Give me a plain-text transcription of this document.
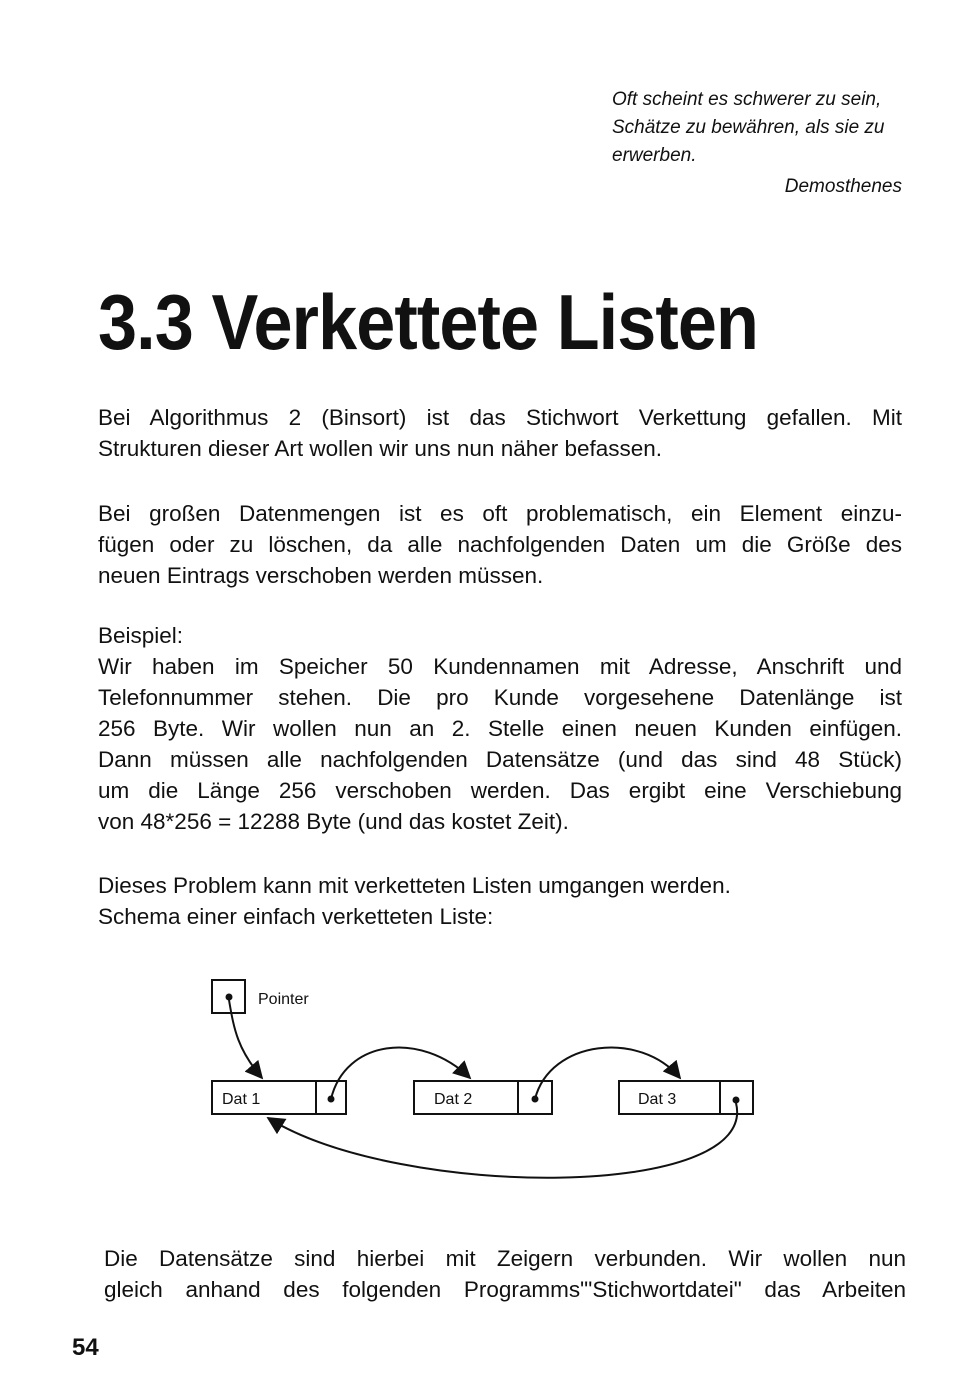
Oft scheint es schwerer zu sein,
Schätze zu bewähren, als sie zu
erwerben.
Demosthenes
3.3 Verkettete Listen
Bei Algorithmus 2 (Binsort) ist das Stichwort Verkettung gefallen. Mit
Strukturen dieser Art wollen wir uns nun näher befassen.
Bei großen Datenmengen ist es oft problematisch, ein Element einzu-
fügen oder zu löschen, da alle nachfolgenden Daten um die Größe des
neuen Eintrags verschoben werden müssen.
Beispiel:
Wir haben im Speicher 50 Kundennamen mit Adresse, Anschrift und
Telefonnummer stehen. Die pro Kunde vorgesehene Datenlänge ist
256 Byte. Wir wollen nun an 2. Stelle einen neuen Kunden einfügen.
Dann müssen alle nachfolgenden Datensätze (und das sind 48 Stück)
um die Länge 256 verschoben werden. Das ergibt eine Verschiebung
von 48*256 = 12288 Byte (und das kostet Zeit).
Dieses Problem kann mit verketteten Listen umgangen werden.
Schema einer einfach verketteten Liste:
Pointer
Dat 1	Dat 2	Dat 3
Die Datensätze sind hierbei mit Zeigern verbunden. Wir wollen nun
gleich anhand des folgenden Programms"'Stichwortdatei" das Arbeiten
54
